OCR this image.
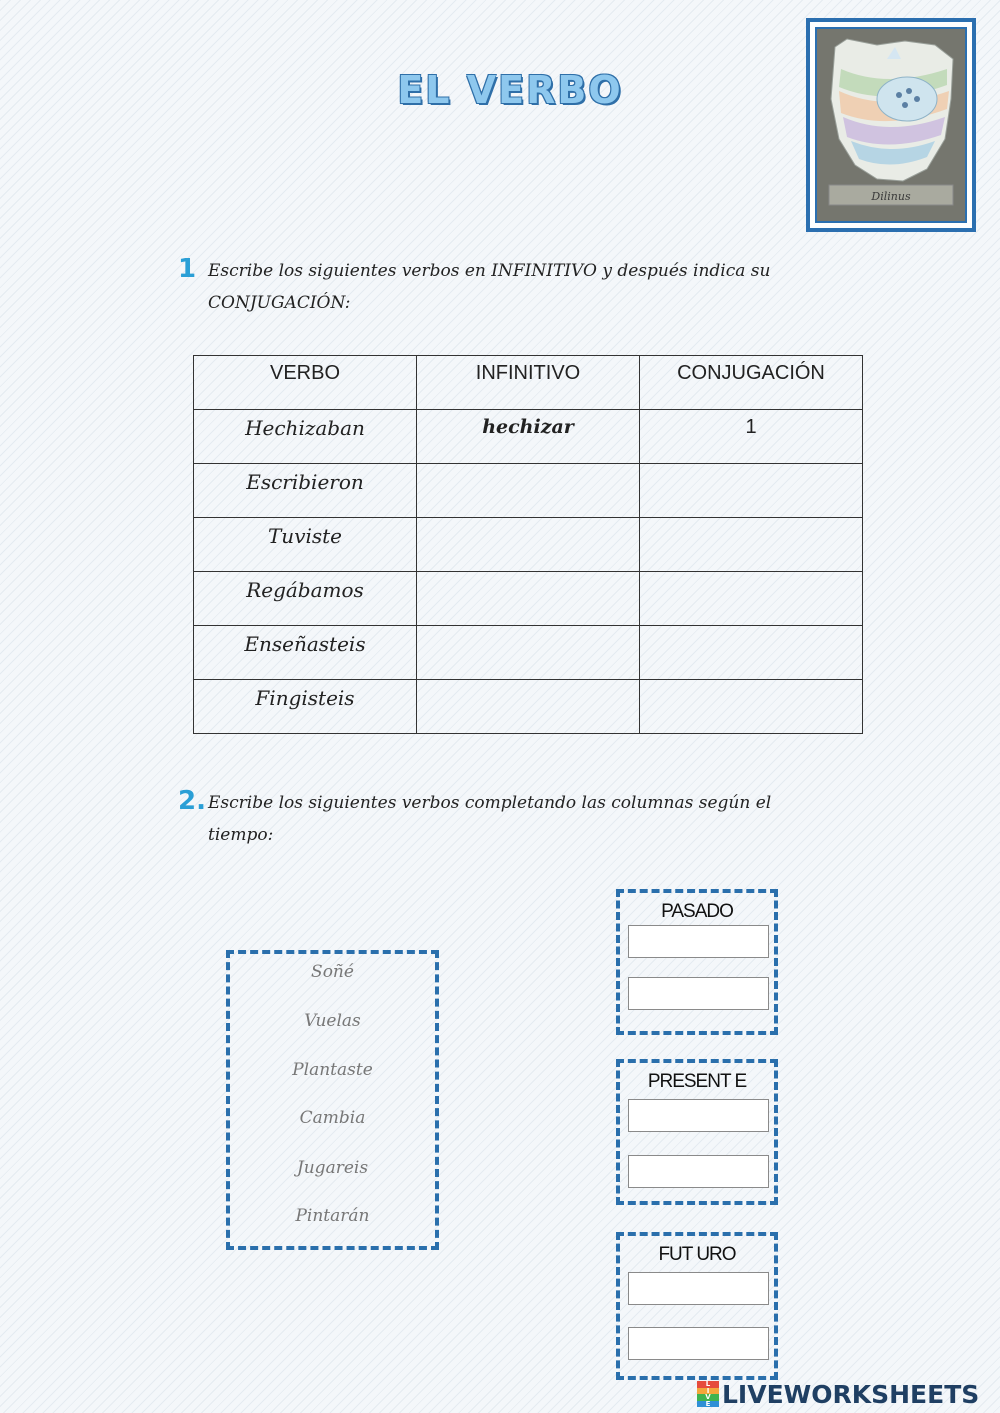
EL VERBO
Dilinus
1 Escribe los siguientes verbos en INFINITIVO y después indica su
CONJUGACIÓN:
VERBO	INFINITIVO	CONJUGACIÓN
Hechizaban	hechizar	1
Escribieron		
Tuviste		
Regábamos		
Enseñasteis		
Fingisteis		
2. Escribe los siguientes verbos completando las columnas según el
tiempo:
Soñé
Vuelas
Plantaste
Cambia
Jugareis
Pintarán
PASADO
PRESENT E
FUT URO
L
I
V
E LIVEWORKSHEETS
